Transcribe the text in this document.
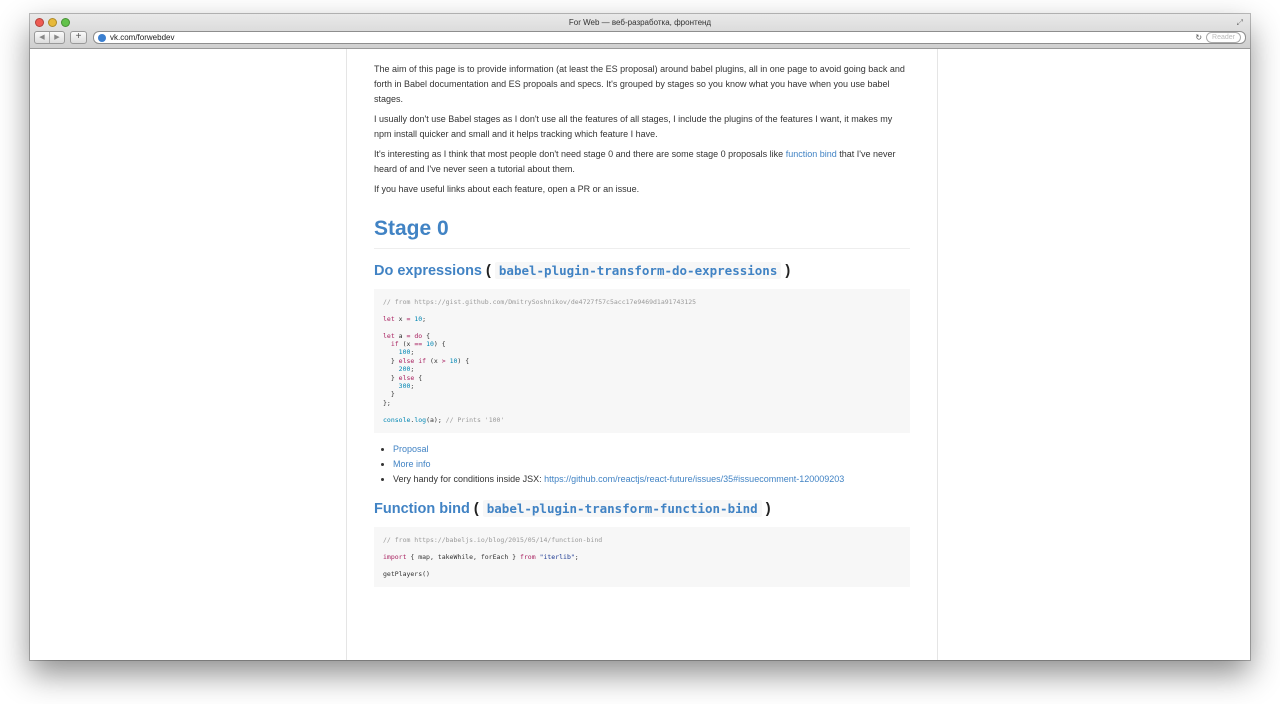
For Web — веб-разработка, фронтенд	⤢
◀	▶	+	vk.com/forwebdev	↻	Reader

The aim of this page is to provide information (at least the ES proposal) around babel plugins, all in one page to avoid going back and forth in Babel documentation and ES propoals and specs. It's grouped by stages so you know what you have when you use babel stages.

I usually don't use Babel stages as I don't use all the features of all stages, I include the plugins of the features I want, it makes my npm install quicker and small and it helps tracking which feature I have.

It's interesting as I think that most people don't need stage 0 and there are some stage 0 proposals like function bind that I've never heard of and I've never seen a tutorial about them.

If you have useful links about each feature, open a PR or an issue.

Stage 0
Do expressions ( babel-plugin-transform-do-expressions )
// from https://gist.github.com/DmitrySoshnikov/de4727f57c5acc17e9469d1a91743125

let x = 10;

let a = do {
if (x == 10) {
100;
} else if (x > 10) {
200;
} else {
300;
}
};

console.log(a); // Prints '100'
• Proposal
• More info
• Very handy for conditions inside JSX: https://github.com/reactjs/react-future/issues/35#issuecomment-120009203
Function bind ( babel-plugin-transform-function-bind )
// from https://babeljs.io/blog/2015/05/14/function-bind

import { map, takeWhile, forEach } from "iterlib";

getPlayers()
